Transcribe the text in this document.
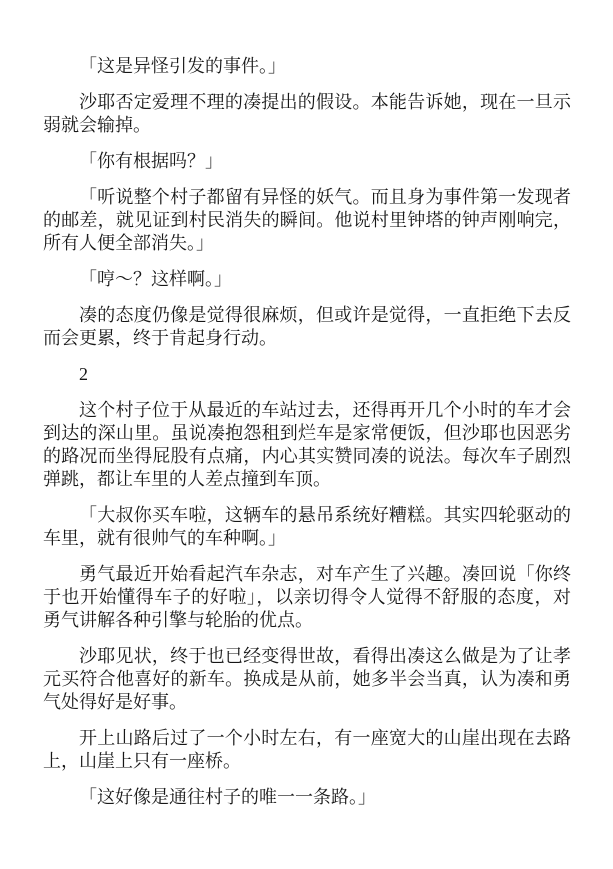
「这是异怪引发的事件。」

沙耶否定爱理不理的凑提出的假设。本能告诉她，现在一旦示弱就会输掉。

「你有根据吗？」

「听说整个村子都留有异怪的妖气。而且身为事件第一发现者的邮差，就见证到村民消失的瞬间。他说村里钟塔的钟声刚响完，所有人便全部消失。」

「哼～？这样啊。」

凑的态度仍像是觉得很麻烦，但或许是觉得，一直拒绝下去反而会更累，终于肯起身行动。

2

这个村子位于从最近的车站过去，还得再开几个小时的车才会到达的深山里。虽说凑抱怨租到烂车是家常便饭，但沙耶也因恶劣的路况而坐得屁股有点痛，内心其实赞同凑的说法。每次车子剧烈弹跳，都让车里的人差点撞到车顶。

「大叔你买车啦，这辆车的悬吊系统好糟糕。其实四轮驱动的车里，就有很帅气的车种啊。」

勇气最近开始看起汽车杂志，对车产生了兴趣。凑回说「你终于也开始懂得车子的好啦」，以亲切得令人觉得不舒服的态度，对勇气讲解各种引擎与轮胎的优点。

沙耶见状，终于也已经变得世故，看得出凑这么做是为了让孝元买符合他喜好的新车。换成是从前，她多半会当真，认为凑和勇气处得好是好事。

开上山路后过了一个小时左右，有一座宽大的山崖出现在去路上，山崖上只有一座桥。

「这好像是通往村子的唯一一条路。」
